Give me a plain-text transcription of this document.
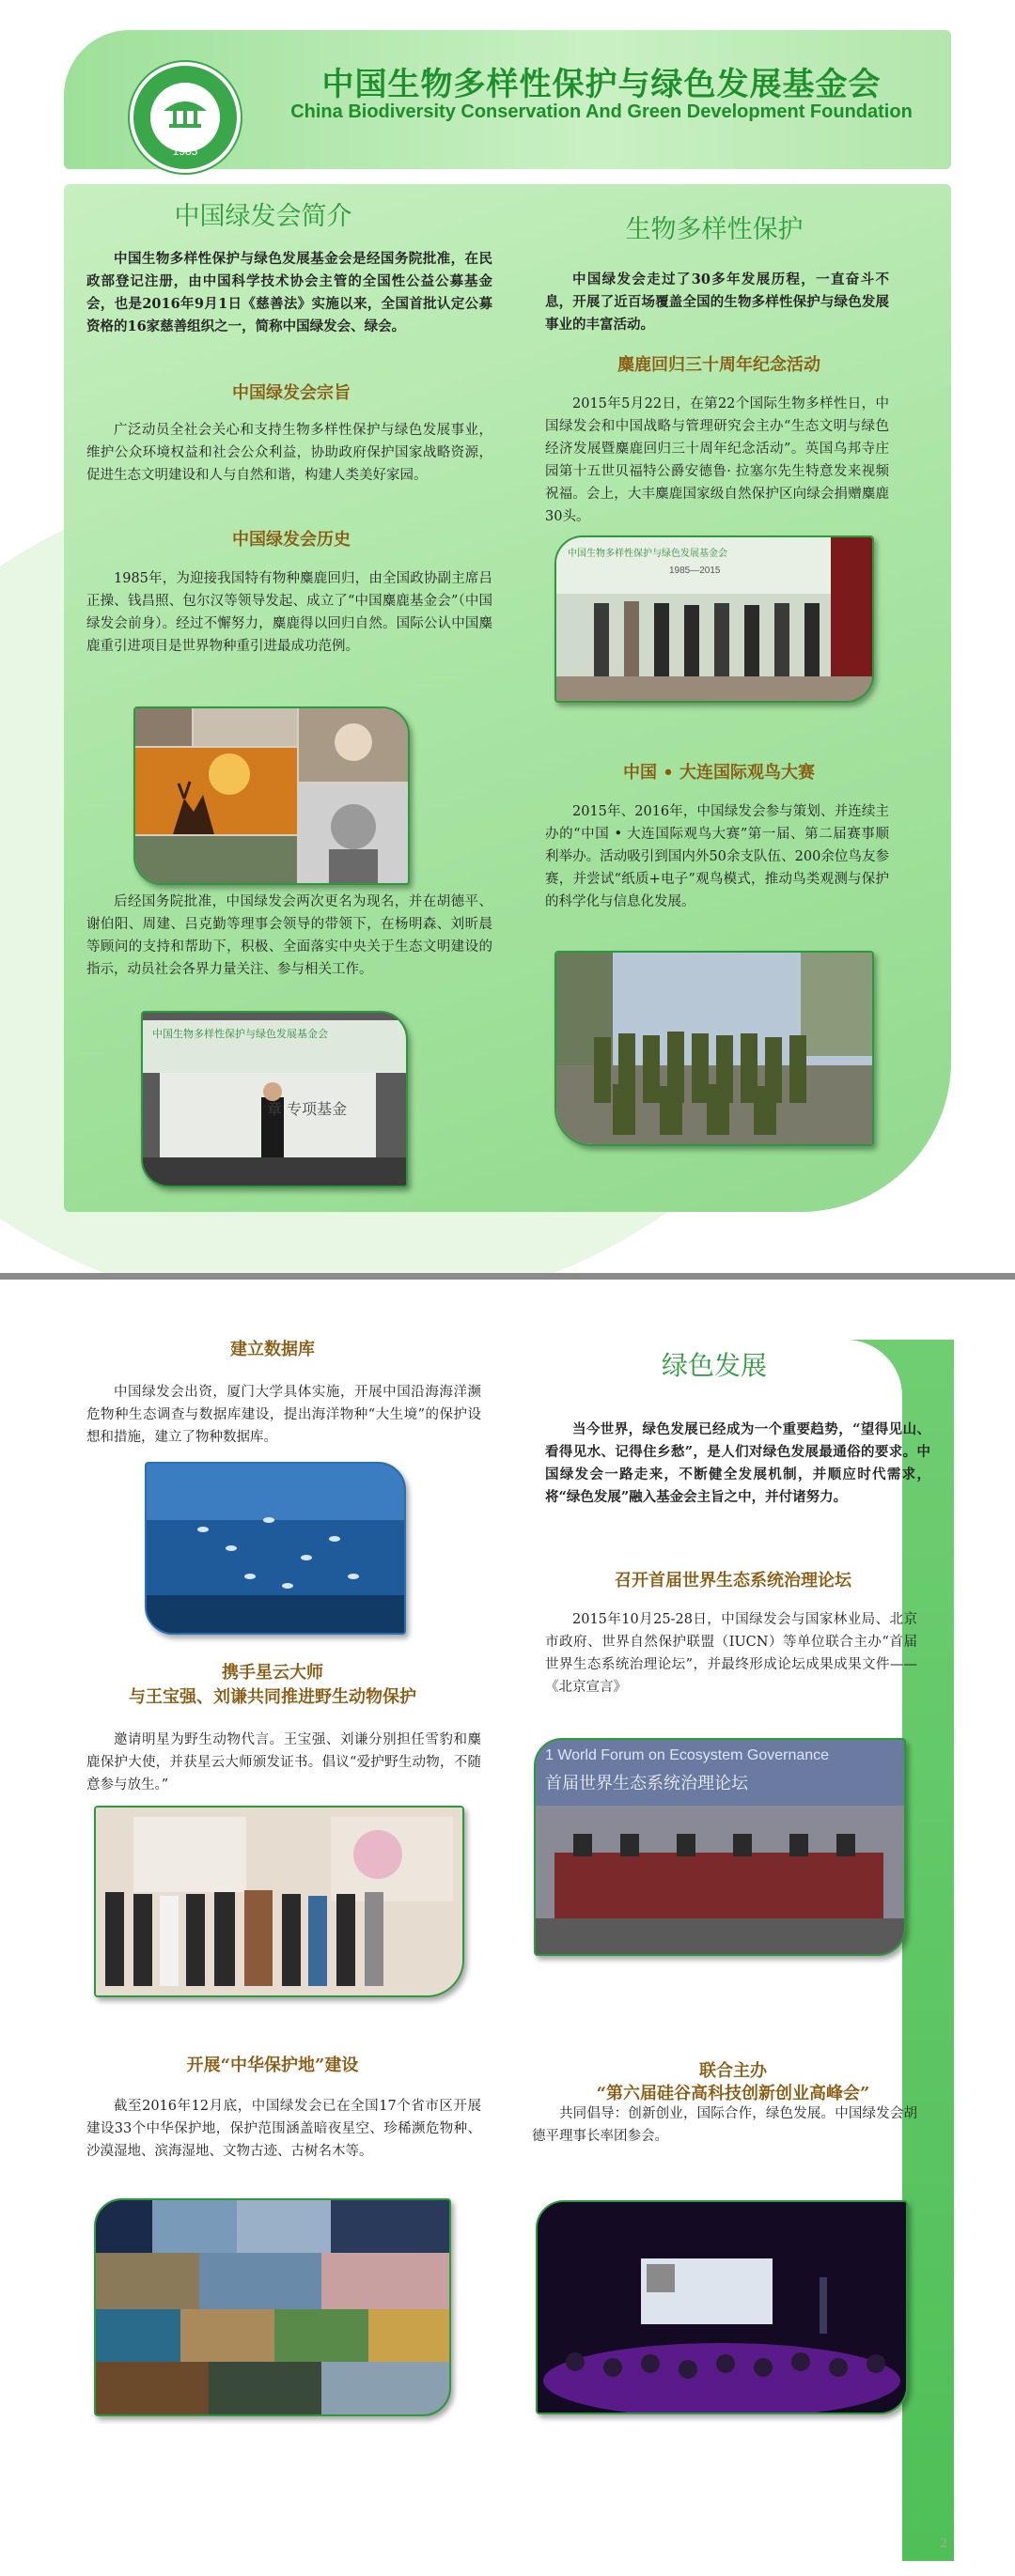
1985
中国生物多样性保护与绿色发展基金会
China Biodiversity Conservation And Green Development Foundation
中国绿发会简介
中国生物多样性保护与绿色发展基金会是经国务院批准，在民政部登记注册，由中国科学技术协会主管的全国性公益公募基金会，也是2016年9月1日《慈善法》实施以来，全国首批认定公募资格的16家慈善组织之一，简称中国绿发会、绿会。
中国绿发会宗旨
广泛动员全社会关心和支持生物多样性保护与绿色发展事业，维护公众环境权益和社会公众利益，协助政府保护国家战略资源，促进生态文明建设和人与自然和谐，构建人类美好家园。
中国绿发会历史
1985年，为迎接我国特有物种麋鹿回归，由全国政协副主席吕正操、钱昌照、包尔汉等领导发起、成立了“中国麋鹿基金会”（中国绿发会前身）。经过不懈努力，麋鹿得以回归自然。国际公认中国麋鹿重引进项目是世界物种重引进最成功范例。
后经国务院批准，中国绿发会两次更名为现名，并在胡德平、谢伯阳、周建、吕克勤等理事会领导的带领下，在杨明森、刘昕晨等顾问的支持和帮助下，积极、全面落实中央关于生态文明建设的指示，动员社会各界力量关注、参与相关工作。
中国生物多样性保护与绿色发展基金会
章 专项基金
生物多样性保护
中国绿发会走过了30多年发展历程，一直奋斗不息，开展了近百场覆盖全国的生物多样性保护与绿色发展事业的丰富活动。
麋鹿回归三十周年纪念活动
2015年5月22日，在第22个国际生物多样性日，中国绿发会和中国战略与管理研究会主办“生态文明与绿色经济发展暨麋鹿回归三十周年纪念活动”。英国乌邦寺庄园第十五世贝福特公爵安德鲁· 拉塞尔先生特意发来视频祝福。会上，大丰麋鹿国家级自然保护区向绿会捐赠麋鹿30头。
中国生物多样性保护与绿色发展基金会
1985—2015
中国 • 大连国际观鸟大赛
2015年、2016年，中国绿发会参与策划、并连续主办的“中国 • 大连国际观鸟大赛”第一届、第二届赛事顺利举办。活动吸引到国内外50余支队伍、200余位鸟友参赛，并尝试“纸质+电子”观鸟模式，推动鸟类观测与保护的科学化与信息化发展。
建立数据库
中国绿发会出资，厦门大学具体实施，开展中国沿海海洋濒危物种生态调查与数据库建设，提出海洋物种“大生境”的保护设想和措施，建立了物种数据库。
携手星云大师
与王宝强、刘谦共同推进野生动物保护
邀请明星为野生动物代言。王宝强、刘谦分别担任雪豹和麋鹿保护大使，并获星云大师颁发证书。倡议“爱护野生动物，不随意参与放生。”
开展“中华保护地”建设
截至2016年12月底，中国绿发会已在全国17个省市区开展建设33个中华保护地，保护范围涵盖暗夜星空、珍稀濒危物种、沙漠湿地、滨海湿地、文物古迹、古树名木等。
绿色发展
当今世界，绿色发展已经成为一个重要趋势，“望得见山、看得见水、记得住乡愁”，是人们对绿色发展最通俗的要求。中国绿发会一路走来，不断健全发展机制，并顺应时代需求，将“绿色发展”融入基金会主旨之中，并付诸努力。
召开首届世界生态系统治理论坛
2015年10月25-28日，中国绿发会与国家林业局、北京市政府、世界自然保护联盟（IUCN）等单位联合主办“首届世界生态系统治理论坛”，并最终形成论坛成果成果文件—— 《北京宣言》
1 World Forum on Ecosystem Governance
首届世界生态系统治理论坛
联合主办
“第六届硅谷高科技创新创业高峰会”
共同倡导：创新创业，国际合作，绿色发展。中国绿发会胡德平理事长率团参会。
2
